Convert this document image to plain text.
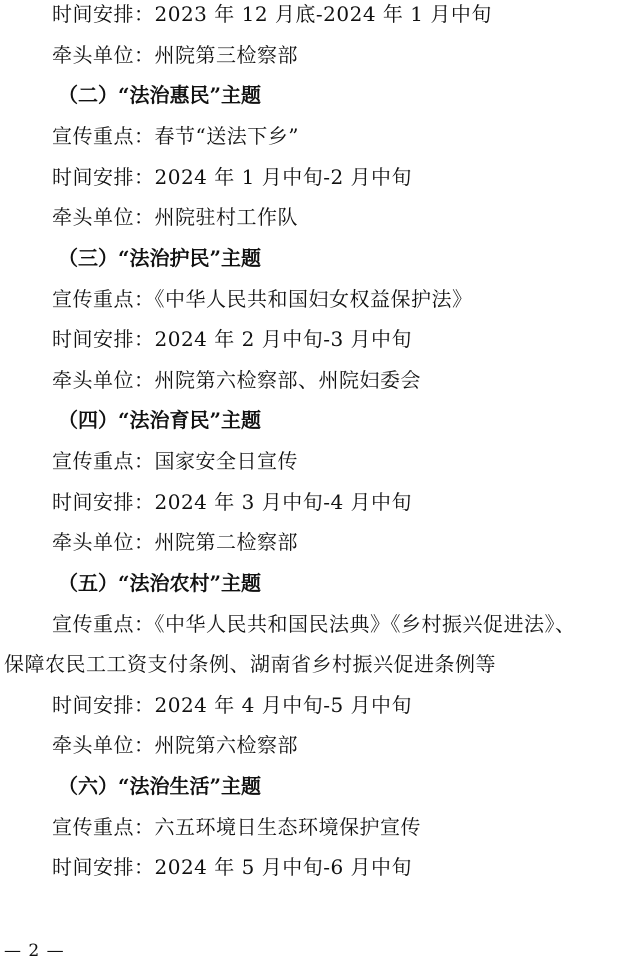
时间安排：2023 年 12 月底-2024 年 1 月中旬
牵头单位：州院第三检察部
（二）“法治惠民”主题
宣传重点：春节“送法下乡”
时间安排：2024 年 1 月中旬-2 月中旬
牵头单位：州院驻村工作队
（三）“法治护民”主题
宣传重点：《中华人民共和国妇女权益保护法》
时间安排：2024 年 2 月中旬-3 月中旬
牵头单位：州院第六检察部、州院妇委会
（四）“法治育民”主题
宣传重点：国家安全日宣传
时间安排：2024 年 3 月中旬-4 月中旬
牵头单位：州院第二检察部
（五）“法治农村”主题
宣传重点：《中华人民共和国民法典》《乡村振兴促进法》、
保障农民工工资支付条例、湖南省乡村振兴促进条例等
时间安排：2024 年 4 月中旬-5 月中旬
牵头单位：州院第六检察部
（六）“法治生活”主题
宣传重点：六五环境日生态环境保护宣传
时间安排：2024 年 5 月中旬-6 月中旬
— 2 —
